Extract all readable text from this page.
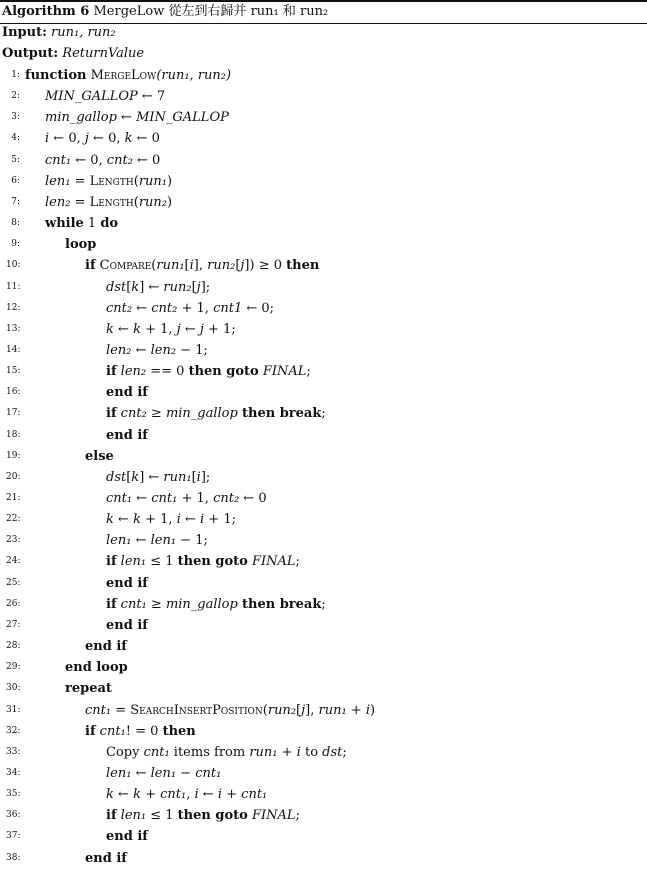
Algorithm 6 MergeLow 從左到右歸并 run₁ 和 run₂
Input: run₁, run₂
Output: ReturnValue
1: function MergeLow(run₁, run₂)
2: MIN_GALLOP ← 7
3: min_gallop ← MIN_GALLOP
4: i ← 0, j ← 0, k ← 0
5: cnt₁ ← 0, cnt₂ ← 0
6: len₁ = Length(run₁)
7: len₂ = Length(run₂)
8: while 1 do
9:	loop
10:	if Compare(run₁[i], run₂[j]) ≥ 0 then
11:	dst[k] ← run₂[j];
12:	cnt₂ ← cnt₂ + 1, cnt1 ← 0;
13:	k ← k + 1, j ← j + 1;
14:	len₂ ← len₂ − 1;
15:	if len₂ == 0 then goto FINAL;
16:	end if
17:	if cnt₂ ≥ min_gallop then break;
18:	end if
19:	else
20:	dst[k] ← run₁[i];
21:	cnt₁ ← cnt₁ + 1, cnt₂ ← 0
22:	k ← k + 1, i ← i + 1;
23:	len₁ ← len₁ − 1;
24:	if len₁ ≤ 1 then goto FINAL;
25:	end if
26:	if cnt₁ ≥ min_gallop then break;
27:	end if
28:	end if
29:	end loop
30:	repeat
31:	cnt₁ = SearchInsertPosition(run₂[j], run₁ + i)
32:	if cnt₁! = 0 then
33:	Copy cnt₁ items from run₁ + i to dst;
34:	len₁ ← len₁ − cnt₁
35:	k ← k + cnt₁, i ← i + cnt₁
36:	if len₁ ≤ 1 then goto FINAL;
37:	end if
38:	end if
